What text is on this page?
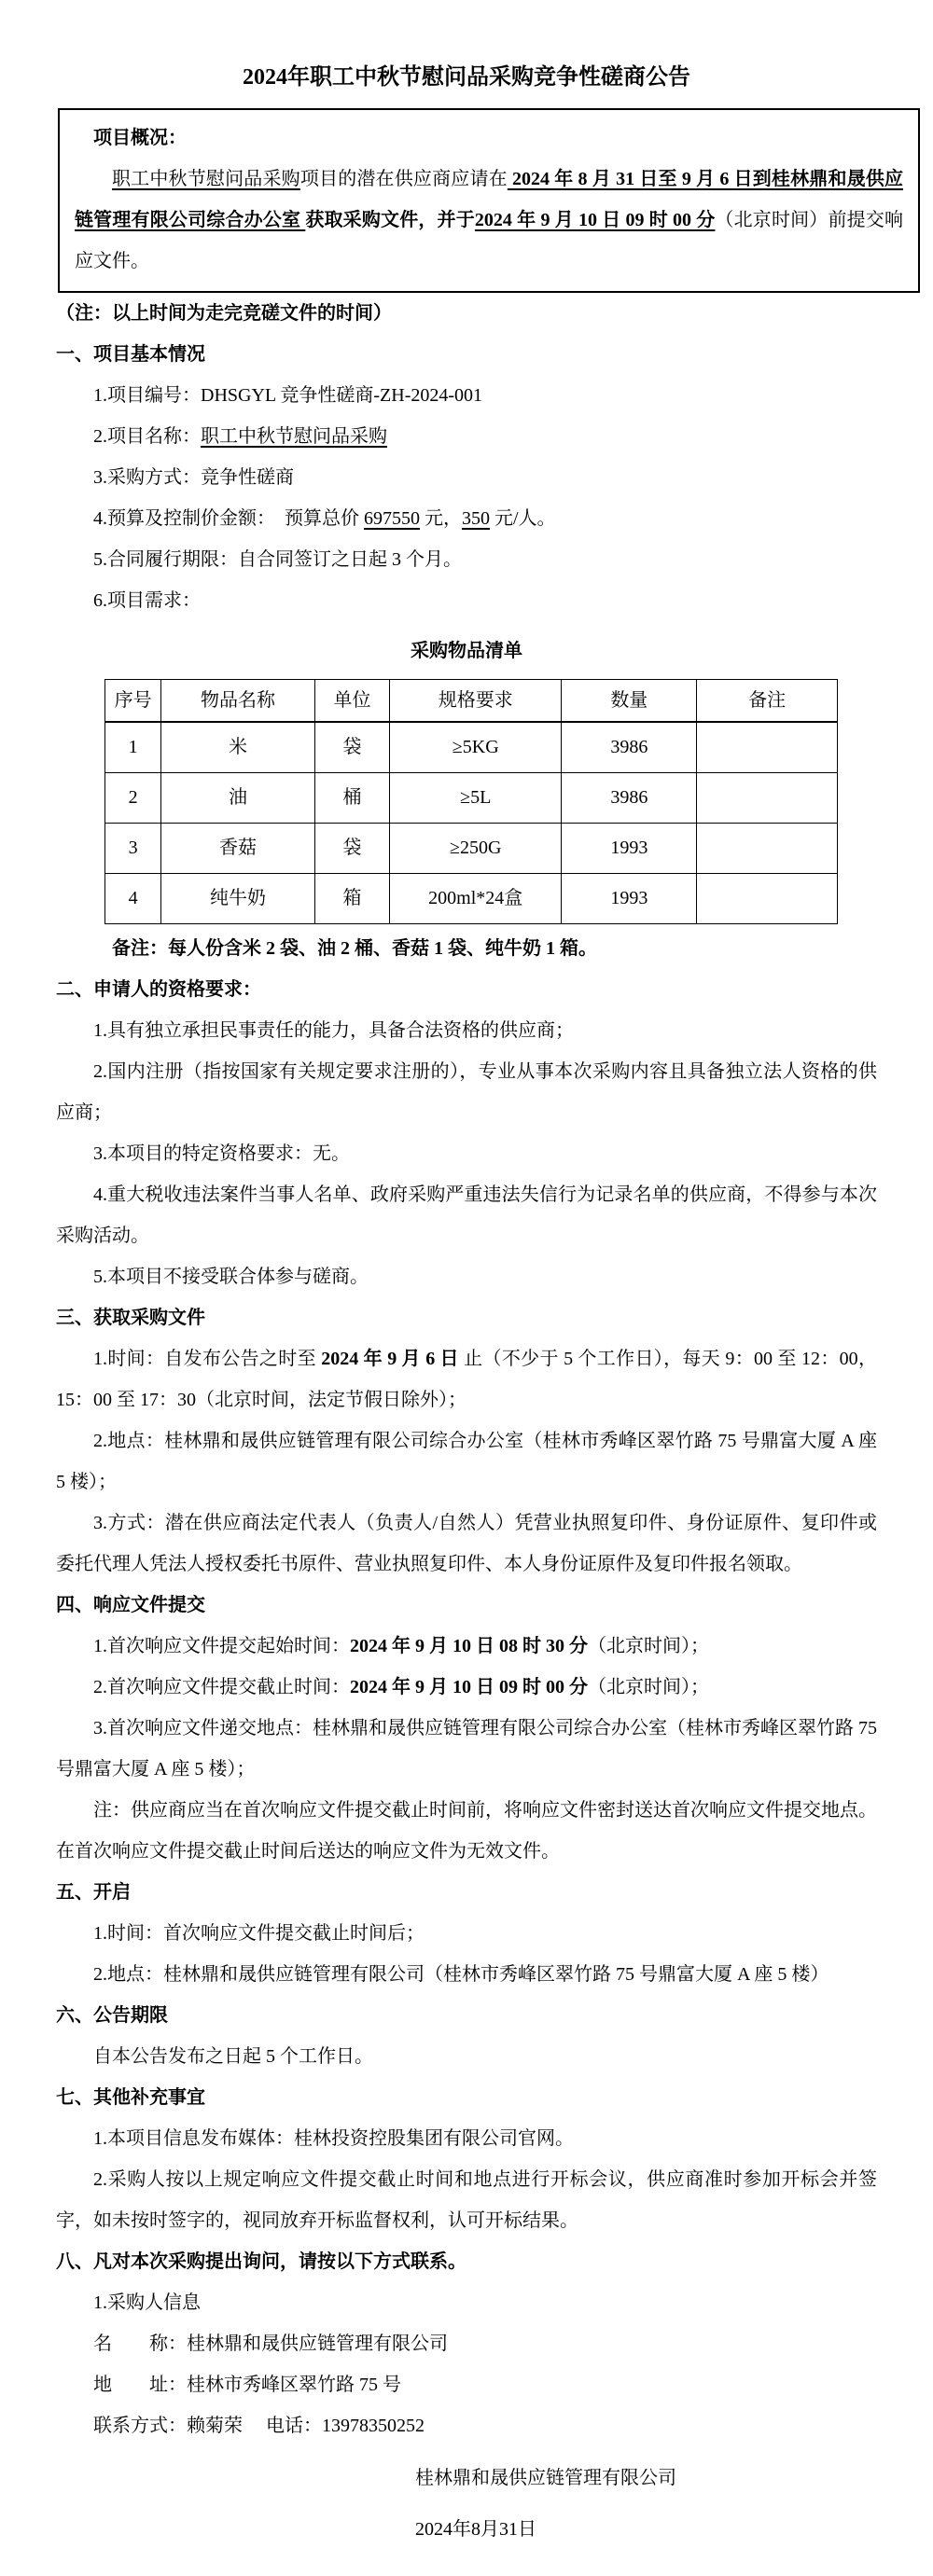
2024年职工中秋节慰问品采购竞争性磋商公告

项目概况：

职工中秋节慰问品采购项目的潜在供应商应请在 2024 年 8 月 31 日至 9 月 6 日到桂林鼎和晟供应链管理有限公司综合办公室 获取采购文件，并于2024 年 9 月 10 日 09 时 00 分（北京时间）前提交响应文件。

（注：以上时间为走完竞磋文件的时间）

一、项目基本情况

1.项目编号：DHSGYL 竞争性磋商-ZH-2024-001

2.项目名称：职工中秋节慰问品采购

3.采购方式：竞争性磋商

4.预算及控制价金额：　预算总价 697550 元，350 元/人。

5.合同履行期限：自合同签订之日起 3 个月。

6.项目需求：

采购物品清单

序号	物品名称	单位	规格要求	数量	备注
1	米	袋	≥5KG	3986	
2	油	桶	≥5L	3986	
3	香菇	袋	≥250G	1993	
4	纯牛奶	箱	200ml*24盒	1993	

备注：每人份含米 2 袋、油 2 桶、香菇 1 袋、纯牛奶 1 箱。

二、申请人的资格要求：

1.具有独立承担民事责任的能力，具备合法资格的供应商；

2.国内注册（指按国家有关规定要求注册的），专业从事本次采购内容且具备独立法人资格的供应商；

3.本项目的特定资格要求：无。

4.重大税收违法案件当事人名单、政府采购严重违法失信行为记录名单的供应商，不得参与本次采购活动。

5.本项目不接受联合体参与磋商。

三、获取采购文件

1.时间：自发布公告之时至 2024 年 9 月 6 日 止（不少于 5 个工作日），每天 9：00 至 12：00，15：00 至 17：30（北京时间，法定节假日除外）；

2.地点：桂林鼎和晟供应链管理有限公司综合办公室（桂林市秀峰区翠竹路 75 号鼎富大厦 A 座 5 楼）；

3.方式：潜在供应商法定代表人（负责人/自然人）凭营业执照复印件、身份证原件、复印件或委托代理人凭法人授权委托书原件、营业执照复印件、本人身份证原件及复印件报名领取。

四、响应文件提交

1.首次响应文件提交起始时间：2024 年 9 月 10 日 08 时 30 分（北京时间）；

2.首次响应文件提交截止时间：2024 年 9 月 10 日 09 时 00 分（北京时间）；

3.首次响应文件递交地点：桂林鼎和晟供应链管理有限公司综合办公室（桂林市秀峰区翠竹路 75 号鼎富大厦 A 座 5 楼）；

注：供应商应当在首次响应文件提交截止时间前，将响应文件密封送达首次响应文件提交地点。在首次响应文件提交截止时间后送达的响应文件为无效文件。

五、开启

1.时间：首次响应文件提交截止时间后；

2.地点：桂林鼎和晟供应链管理有限公司（桂林市秀峰区翠竹路 75 号鼎富大厦 A 座 5 楼）

六、公告期限

自本公告发布之日起 5 个工作日。

七、其他补充事宜

1.本项目信息发布媒体：桂林投资控股集团有限公司官网。

2.采购人按以上规定响应文件提交截止时间和地点进行开标会议，供应商准时参加开标会并签字，如未按时签字的，视同放弃开标监督权利，认可开标结果。

八、凡对本次采购提出询问，请按以下方式联系。

1.采购人信息

名　　称：桂林鼎和晟供应链管理有限公司

地　　址：桂林市秀峰区翠竹路 75 号

联系方式：赖菊荣　 电话：13978350252

桂林鼎和晟供应链管理有限公司

2024年8月31日
